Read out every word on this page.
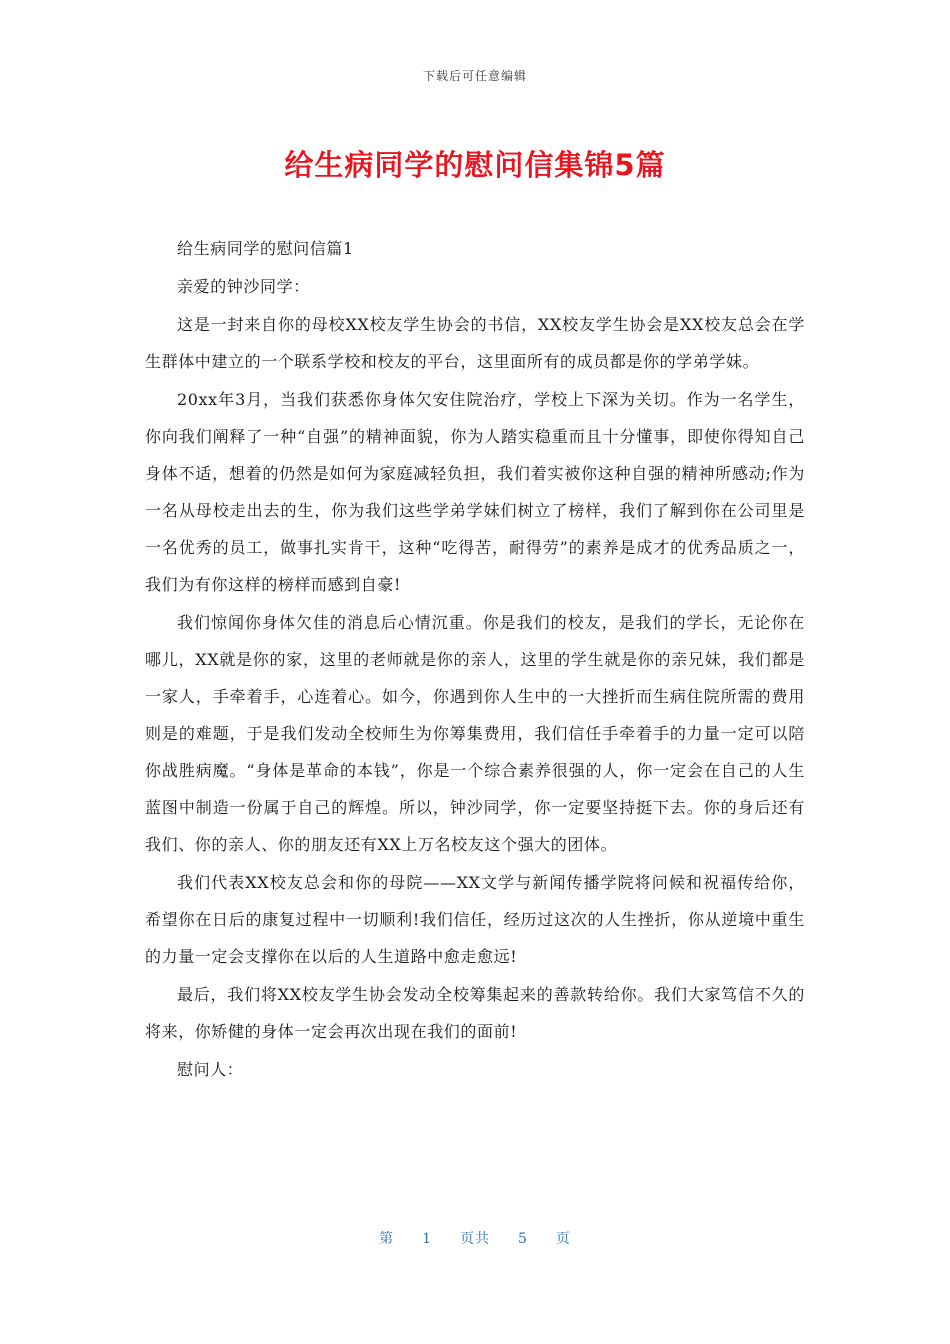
下载后可任意编辑
给生病同学的慰问信集锦5篇

给生病同学的慰问信篇1

亲爱的钟沙同学：

这是一封来自你的母校XX校友学生协会的书信，XX校友学生协会是XX校友总会在学生群体中建立的一个联系学校和校友的平台，这里面所有的成员都是你的学弟学妹。

20xx年3月，当我们获悉你身体欠安住院治疗，学校上下深为关切。作为一名学生，你向我们阐释了一种“自强”的精神面貌，你为人踏实稳重而且十分懂事，即使你得知自己身体不适，想着的仍然是如何为家庭减轻负担，我们着实被你这种自强的精神所感动;作为一名从母校走出去的生，你为我们这些学弟学妹们树立了榜样，我们了解到你在公司里是一名优秀的员工，做事扎实肯干，这种“吃得苦，耐得劳”的素养是成才的优秀品质之一，我们为有你这样的榜样而感到自豪!

我们惊闻你身体欠佳的消息后心情沉重。你是我们的校友，是我们的学长，无论你在哪儿，XX就是你的家，这里的老师就是你的亲人，这里的学生就是你的亲兄妹，我们都是一家人，手牵着手，心连着心。如今，你遇到你人生中的一大挫折而生病住院所需的费用则是的难题，于是我们发动全校师生为你筹集费用，我们信任手牵着手的力量一定可以陪你战胜病魔。“身体是革命的本钱”，你是一个综合素养很强的人，你一定会在自己的人生蓝图中制造一份属于自己的辉煌。所以，钟沙同学，你一定要坚持挺下去。你的身后还有我们、你的亲人、你的朋友还有XX上万名校友这个强大的团体。

我们代表XX校友总会和你的母院——XX文学与新闻传播学院将问候和祝福传给你，希望你在日后的康复过程中一切顺利!我们信任，经历过这次的人生挫折，你从逆境中重生的力量一定会支撑你在以后的人生道路中愈走愈远!

最后，我们将XX校友学生协会发动全校筹集起来的善款转给你。我们大家笃信不久的将来，你矫健的身体一定会再次出现在我们的面前!

慰问人：

第 1 页共 5 页
